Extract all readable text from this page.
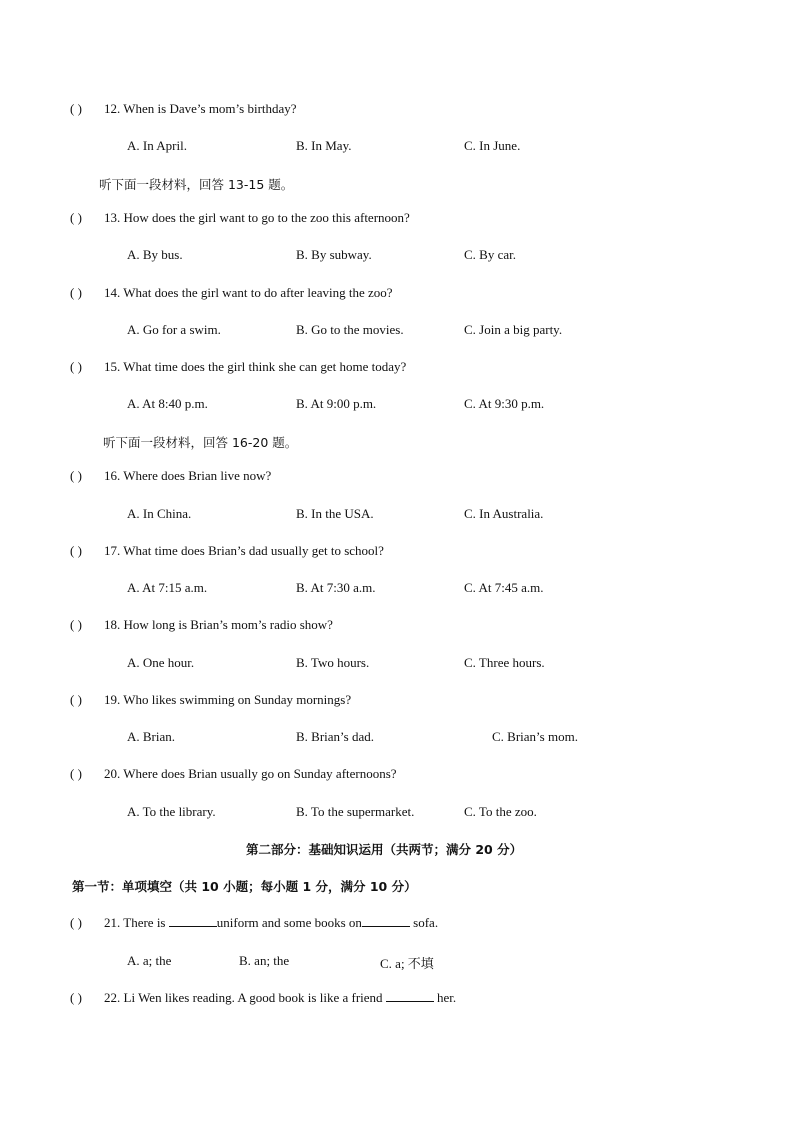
( ) 12. When is Dave’s mom’s birthday?
A. In April.	B. In May.	C. In June.
听下面一段材料，回答 13-15 题。
( ) 13. How does the girl want to go to the zoo this afternoon?
A. By bus.	B. By subway.	C. By car.
( ) 14. What does the girl want to do after leaving the zoo?
A. Go for a swim.	B. Go to the movies.	C. Join a big party.
( ) 15. What time does the girl think she can get home today?
A. At 8:40 p.m.	B. At 9:00 p.m.	C. At 9:30 p.m.
听下面一段材料，回答 16-20 题。
( ) 16. Where does Brian live now?
A. In China.	B. In the USA.	C. In Australia.
( ) 17. What time does Brian’s dad usually get to school?
A. At 7:15 a.m.	B. At 7:30 a.m.	C. At 7:45 a.m.
( ) 18. How long is Brian’s mom’s radio show?
A. One hour.	B. Two hours.	C. Three hours.
( ) 19. Who likes swimming on Sunday mornings?
A. Brian.	B. Brian’s dad.	C. Brian’s mom.
( ) 20. Where does Brian usually go on Sunday afternoons?
A. To the library.	B. To the supermarket.	C. To the zoo.
第二部分：基础知识运用（共两节；满分 20 分）
第一节：单项填空（共 10 小题；每小题 1 分，满分 10 分）
( ) 21. There is	uniform and some books on	sofa.
A. a; the	B. an; the	C. a; 不填
( ) 22. Li Wen likes reading. A good book is like a friend	her.
